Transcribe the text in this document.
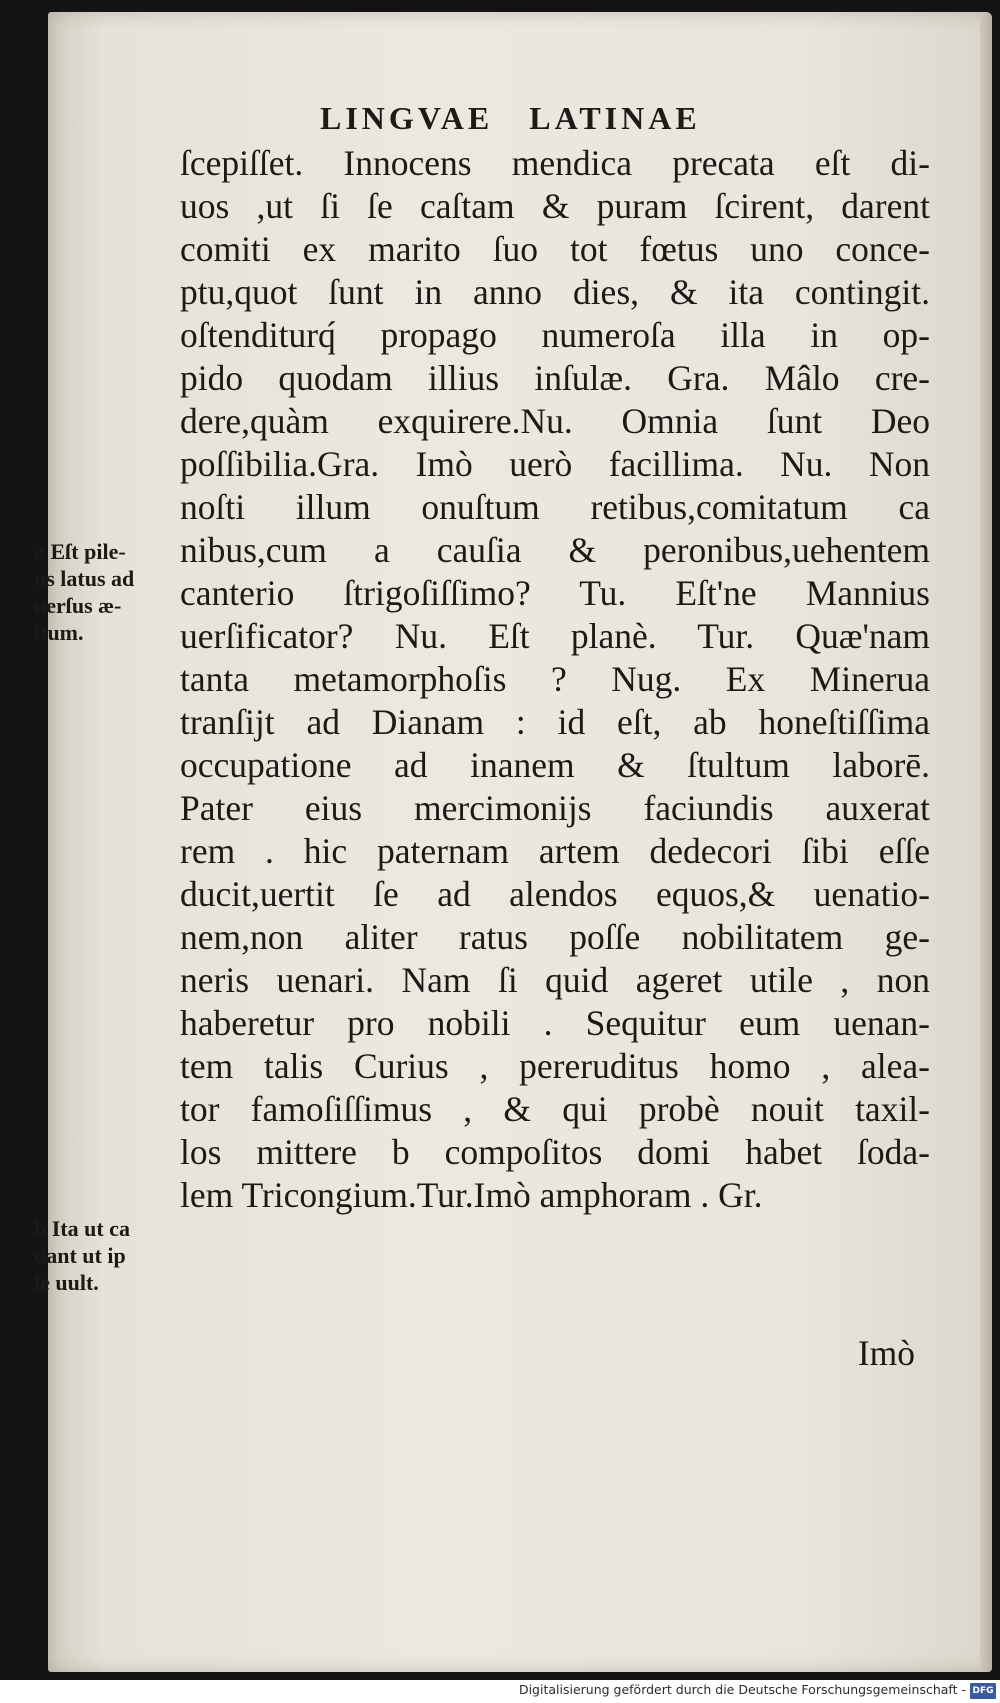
LINGVAE LATINAE
ſcepiſſet. Innocens mendica precata eſt di-
uos ,ut ſi ſe caſtam & puram ſcirent, darent
comiti ex marito ſuo tot fœtus uno conce-
ptu,quot ſunt in anno dies, & ita contingit.
oſtenditurq́ propago numeroſa illa in op-
pido quodam illius inſulæ. Gra. Mâlo cre-
dere,quàm exquirere.Nu. Omnia ſunt Deo
poſſibilia.Gra. Imò uerò facillima. Nu. Non
noſti illum onuſtum retibus,comitatum ca
nibus,cum a cauſia & peronibus,uehentem
canterio ſtrigoſiſſimo? Tu. Eſt'ne Mannius
uerſificator? Nu. Eſt planè. Tur. Quæ'nam
tanta metamorphoſis ? Nug. Ex Minerua
tranſijt ad Dianam : id eſt, ab honeſtiſſima
occupatione ad inanem & ſtultum laborē.
Pater eius mercimonijs faciundis auxerat
rem . hic paternam artem dedecori ſibi eſſe
ducit,uertit ſe ad alendos equos,& uenatio-
nem,non aliter ratus poſſe nobilitatem ge-
neris uenari. Nam ſi quid ageret utile , non
haberetur pro nobili . Sequitur eum uenan-
tem talis Curius , pereruditus homo , alea-
tor famoſiſſimus , & qui probè nouit taxil-
los mittere b compoſitos domi habet ſoda-
lem Tricongium.Tur.Imò amphoram . Gr.
Imò
a Eſt pile-
us latus ad
uerſus æ-
ſtum.
b Ita ut ca
dant ut ip
ſe uult.
Digitalisierung gefördert durch die Deutsche Forschungsgemeinschaft - DFG
